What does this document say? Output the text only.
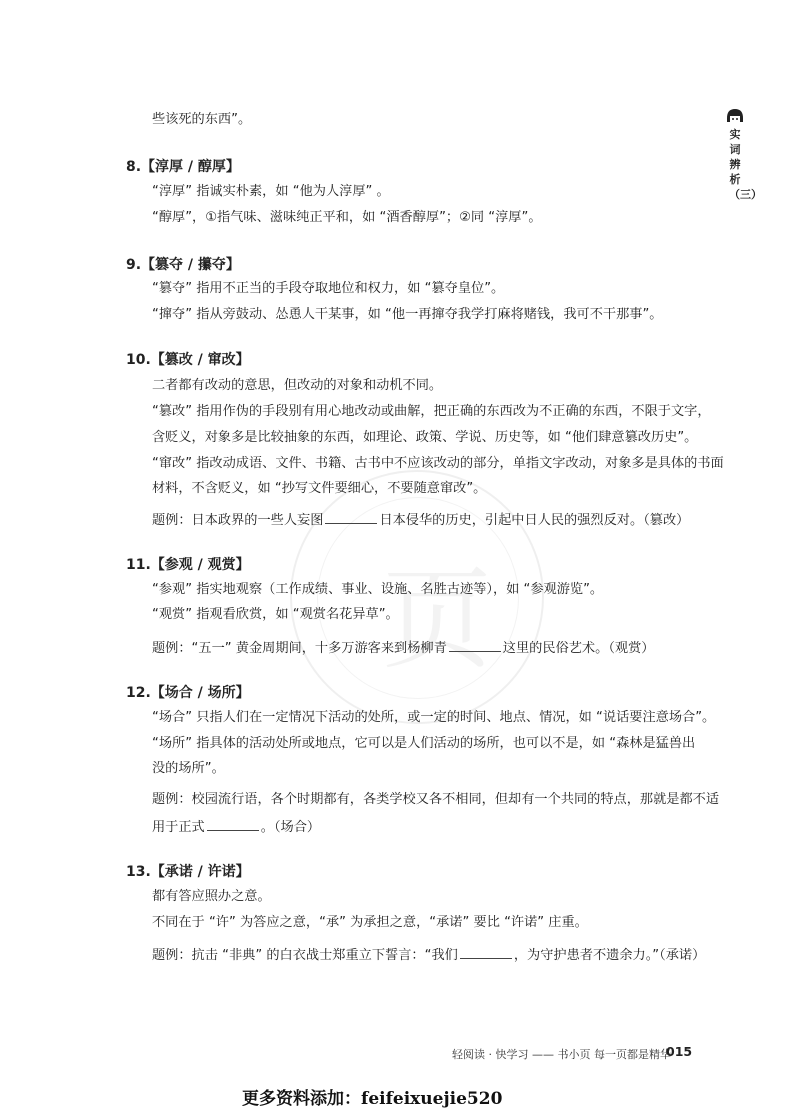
页
实词辨析（三）
些该死的东西”。
8.【淳厚 / 醇厚】
“淳厚” 指诚实朴素，如 “他为人淳厚” 。
“醇厚”，①指气味、滋味纯正平和，如 “酒香醇厚”；②同 “淳厚”。
9.【篡夺 / 攥夺】
“篡夺” 指用不正当的手段夺取地位和权力，如 “篡夺皇位”。
“撺夺” 指从旁鼓动、怂恿人干某事，如 “他一再撺夺我学打麻将赌钱，我可不干那事”。
10.【篡改 / 窜改】
二者都有改动的意思，但改动的对象和动机不同。
“篡改” 指用作伪的手段别有用心地改动或曲解，把正确的东西改为不正确的东西，不限于文字，
含贬义，对象多是比较抽象的东西，如理论、政策、学说、历史等，如 “他们肆意篡改历史”。
“窜改” 指改动成语、文件、书籍、古书中不应该改动的部分，单指文字改动，对象多是具体的书面
材料，不含贬义，如 “抄写文件要细心，不要随意窜改”。
题例：日本政界的一些人妄图	日本侵华的历史，引起中日人民的强烈反对。（篡改）
11.【参观 / 观赏】
“参观” 指实地观察（工作成绩、事业、设施、名胜古迹等），如 “参观游览”。
“观赏” 指观看欣赏，如 “观赏名花异草”。
题例：“五一” 黄金周期间，十多万游客来到杨柳青	这里的民俗艺术。（观赏）
12.【场合 / 场所】
“场合” 只指人们在一定情况下活动的处所，或一定的时间、地点、情况，如 “说话要注意场合”。
“场所” 指具体的活动处所或地点，它可以是人们活动的场所，也可以不是，如 “森林是猛兽出
没的场所”。
题例：校园流行语，各个时期都有，各类学校又各不相同，但却有一个共同的特点，那就是都不适
用于正式	。（场合）
13.【承诺 / 许诺】
都有答应照办之意。
不同在于 “许” 为答应之意，“承” 为承担之意，“承诺” 要比 “许诺” 庄重。
题例：抗击 “非典” 的白衣战士郑重立下誓言：“我们	，为守护患者不遗余力。”（承诺）
轻阅读 · 快学习 —— 书小页 每一页都是精华
015
更多资料添加：feifeixuejie520
